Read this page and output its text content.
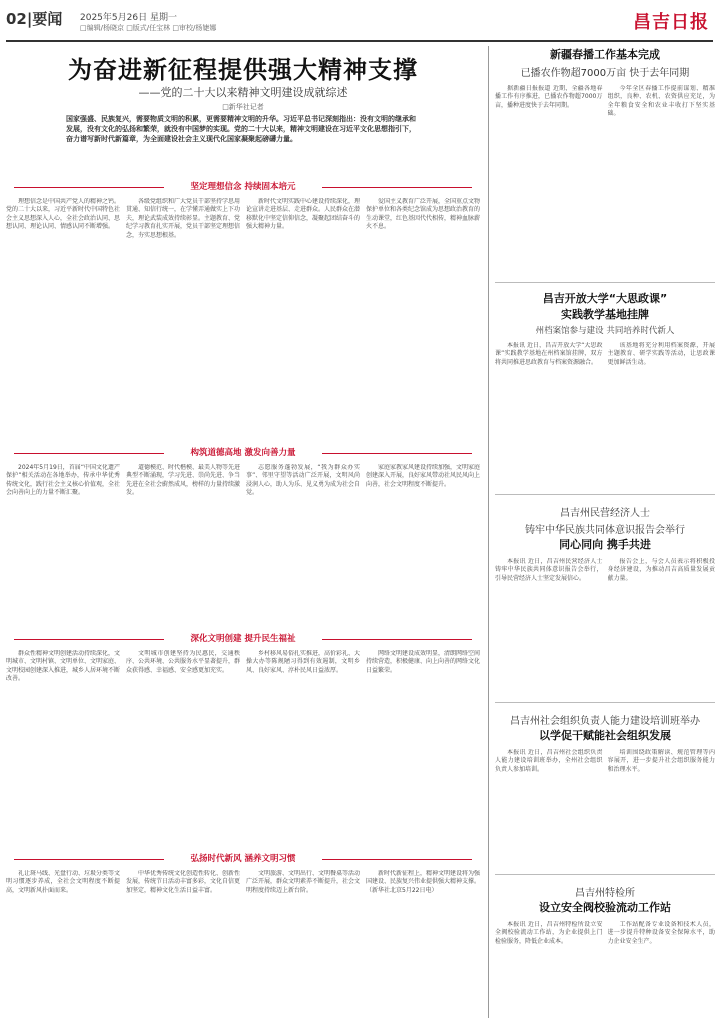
02|要闻 2025年5月26日 星期一
□编辑/杨晓京 □版式/任宝林 □审校/杨婕娜	昌吉日报
为奋进新征程提供强大精神支撑
——党的二十大以来精神文明建设成就综述
□新华社记者
国家强盛、民族复兴，需要物质文明的积累，更需要精神文明的升华。习近平总书记深刻指出：没有文明的继承和发展，没有文化的弘扬和繁荣，就没有中国梦的实现。党的二十大以来，精神文明建设在习近平文化思想指引下，奋力谱写新时代新篇章，为全面建设社会主义现代化国家凝聚起磅礴力量。
坚定理想信念 持续固本培元

理想信念是中国共产党人的精神之钙。党的二十大以来，习近平新时代中国特色社会主义思想深入人心，全社会政治认同、思想认同、理论认同、情感认同不断增强。

各级党组织和广大党员干部坚持学思用贯通、知信行统一，在学懂弄通做实上下功夫，理论武装成效持续彰显。主题教育、党纪学习教育扎实开展，党员干部坚定理想信念，夯实思想根基。

新时代文明实践中心建设持续深化，理论宣讲走进基层、走进群众。人民群众在潜移默化中坚定信仰信念，凝聚起团结奋斗的强大精神力量。

爱国主义教育广泛开展，全国重点文物保护单位和各类纪念馆成为思想政治教育的生动课堂，红色基因代代相传，精神血脉薪火不息。

构筑道德高地 激发向善力量

2024年5月19日，首届“中国文化遗产保护”相关活动在各地举办，传承中华优秀传统文化，践行社会主义核心价值观，全社会向善向上的力量不断汇聚。

道德模范、时代楷模、最美人物等先进典型不断涌现，学习先进、崇尚先进、争当先进在全社会蔚然成风，榜样的力量持续激发。

志愿服务蓬勃发展，“我为群众办实事”、邻里守望等活动广泛开展，文明风尚浸润人心，助人为乐、见义勇为成为社会自觉。

家庭家教家风建设持续加强，文明家庭创建深入开展，良好家风带动社风民风向上向善，社会文明程度不断提升。

深化文明创建 提升民生福祉

群众性精神文明创建活动持续深化，文明城市、文明村镇、文明单位、文明家庭、文明校园创建深入推进，城乡人居环境不断改善。

文明城市创建坚持为民惠民，交通秩序、公共环境、公共服务水平显著提升，群众获得感、幸福感、安全感更加充实。

乡村移风易俗扎实推进，高价彩礼、大操大办等陈规陋习得到有效遏制，文明乡风、良好家风、淳朴民风日益浓厚。

网络文明建设成效明显，清朗网络空间持续营造，积极健康、向上向善的网络文化日益繁荣。

弘扬时代新风 涵养文明习惯

礼让斑马线、光盘行动、垃圾分类等文明习惯逐步养成，全社会文明程度不断提高，文明新风扑面而来。

中华优秀传统文化创造性转化、创新性发展，传统节日活动丰富多彩，文化自信更加坚定，精神文化生活日益丰富。

文明旅游、文明出行、文明餐桌等活动广泛开展，群众文明素养不断提升，社会文明程度持续迈上新台阶。

新时代新征程上，精神文明建设将为强国建设、民族复兴伟业提供强大精神支撑。（新华社北京5月22日电）

新疆春播工作基本完成
已播农作物超7000万亩 快于去年同期

据新疆日报报道 近期，全疆各地春播工作有序推进，已播农作物超7000万亩，播种进度快于去年同期。

今年全区春播工作提前谋划、精准组织，良种、农机、农资供应充足，为全年粮食安全和农业丰收打下坚实基础。

昌吉开放大学“大思政课”
实践教学基地挂牌
州档案馆参与建设 共同培养时代新人

本报讯 近日，昌吉开放大学“大思政课”实践教学基地在州档案馆挂牌，双方将共同推进思政教育与档案资源融合。

该基地将充分利用档案资源，开展主题教育、研学实践等活动，让思政课更加鲜活生动。

昌吉州民营经济人士
铸牢中华民族共同体意识报告会举行
同心同向 携手共进

本报讯 近日，昌吉州民营经济人士铸牢中华民族共同体意识报告会举行，引导民营经济人士坚定发展信心。

报告会上，与会人员表示将积极投身经济建设，为推动昌吉高质量发展贡献力量。

昌吉州社会组织负责人能力建设培训班举办
以学促干赋能社会组织发展

本报讯 近日，昌吉州社会组织负责人能力建设培训班举办，全州社会组织负责人参加培训。

培训围绕政策解读、规范管理等内容展开，进一步提升社会组织服务能力和治理水平。

昌吉州特检所
设立安全阀校验流动工作站

本报讯 近日，昌吉州特检所设立安全阀校验流动工作站，为企业提供上门检验服务，降低企业成本。

工作站配备专业设备和技术人员，进一步提升特种设备安全保障水平，助力企业安全生产。
